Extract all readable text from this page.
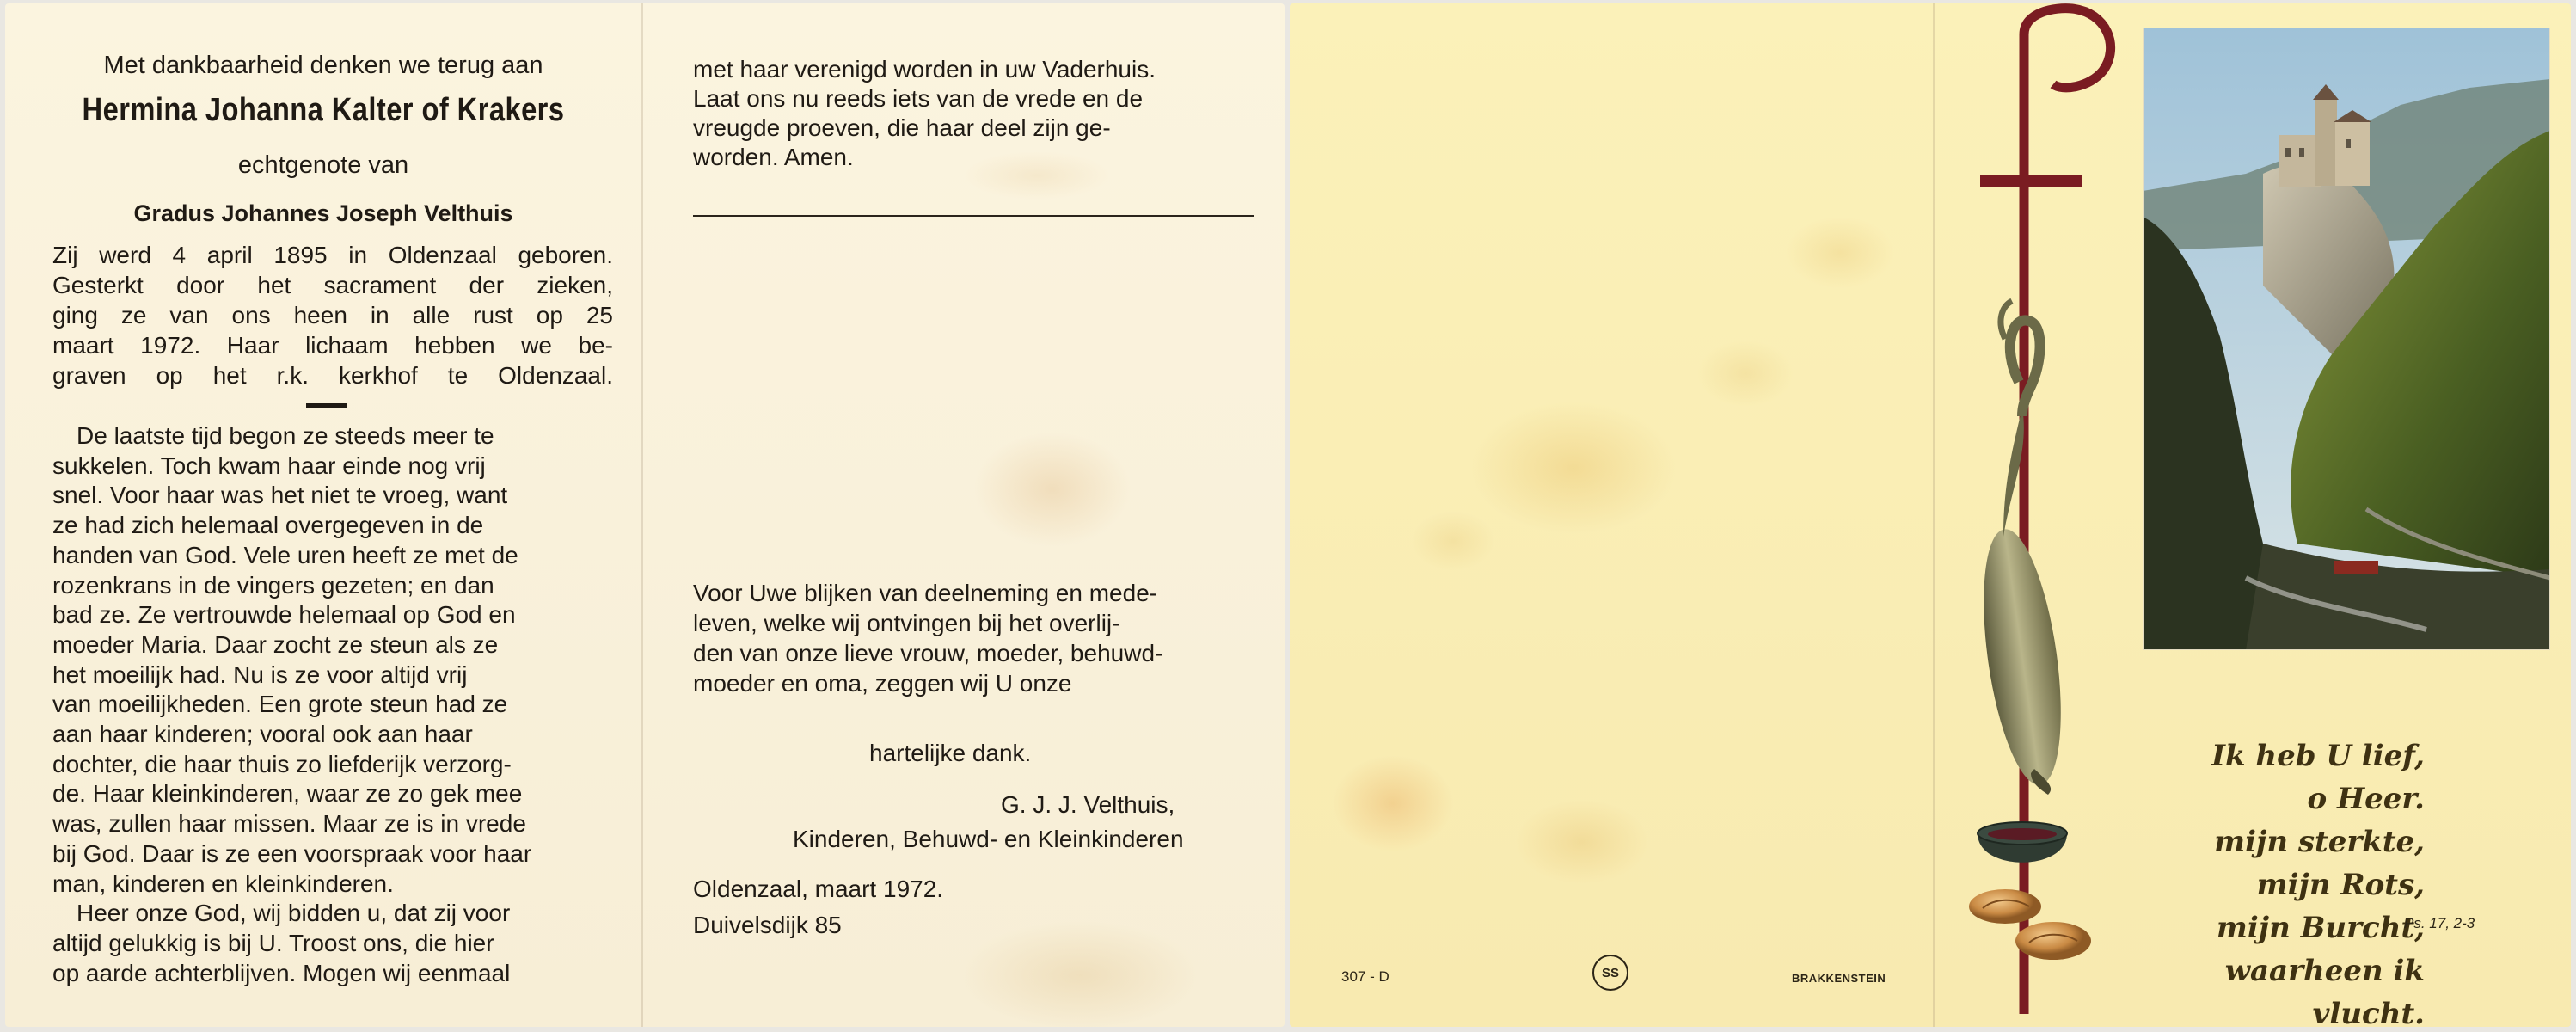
Met dankbaarheid denken we terug aan
Hermina Johanna Kalter of Krakers
echtgenote van
Gradus Johannes Joseph Velthuis
Zij werd 4 april 1895 in Oldenzaal geboren.
Gesterkt door het sacrament der zieken,
ging ze van ons heen in alle rust op 25
maart 1972. Haar lichaam hebben we be-
graven op het r.k. kerkhof te Oldenzaal.
De laatste tijd begon ze steeds meer te
sukkelen. Toch kwam haar einde nog vrij
snel. Voor haar was het niet te vroeg, want
ze had zich helemaal overgegeven in de
handen van God. Vele uren heeft ze met de
rozenkrans in de vingers gezeten; en dan
bad ze. Ze vertrouwde helemaal op God en
moeder Maria. Daar zocht ze steun als ze
het moeilijk had. Nu is ze voor altijd vrij
van moeilijkheden. Een grote steun had ze
aan haar kinderen; vooral ook aan haar
dochter, die haar thuis zo liefderijk verzorg-
de. Haar kleinkinderen, waar ze zo gek mee
was, zullen haar missen. Maar ze is in vrede
bij God. Daar is ze een voorspraak voor haar
man, kinderen en kleinkinderen.
Heer onze God, wij bidden u, dat zij voor
altijd gelukkig is bij U. Troost ons, die hier
op aarde achterblijven. Mogen wij eenmaal
met haar verenigd worden in uw Vaderhuis.
Laat ons nu reeds iets van de vrede en de
vreugde proeven, die haar deel zijn ge-
worden. Amen.
Voor Uwe blijken van deelneming en mede-
leven, welke wij ontvingen bij het overlij-
den van onze lieve vrouw, moeder, behuwd-
moeder en oma, zeggen wij U onze
hartelijke dank.
G. J. J. Velthuis,
Kinderen, Behuwd- en Kleinkinderen
Oldenzaal, maart 1972.
Duivelsdijk 85
Ik heb U lief, o Heer.
mijn sterkte,
mijn Rots, mijn Burcht,
waarheen ik vlucht.
Ps. 17, 2-3
307 - D	SS	BRAKKENSTEIN
